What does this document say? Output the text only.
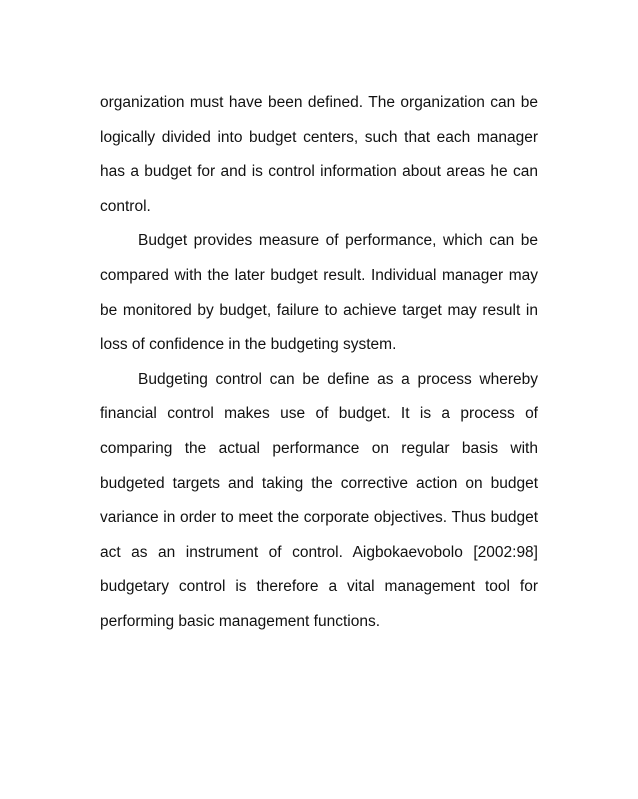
organization must have been defined. The organization can be
logically divided into budget centers, such that each manager
has a budget for and is control information about areas he can
control.
Budget provides measure of performance, which can be
compared with the later budget result. Individual manager may
be monitored by budget, failure to achieve target may result in
loss of confidence in the budgeting system.
Budgeting control can be define as a process whereby
financial control makes use of budget. It is a process of
comparing the actual performance on regular basis with
budgeted targets and taking the corrective action on budget
variance in order to meet the corporate objectives. Thus budget
act as an instrument of control. Aigbokaevobolo [2002:98]
budgetary control is therefore a vital management tool for
performing basic management functions.
